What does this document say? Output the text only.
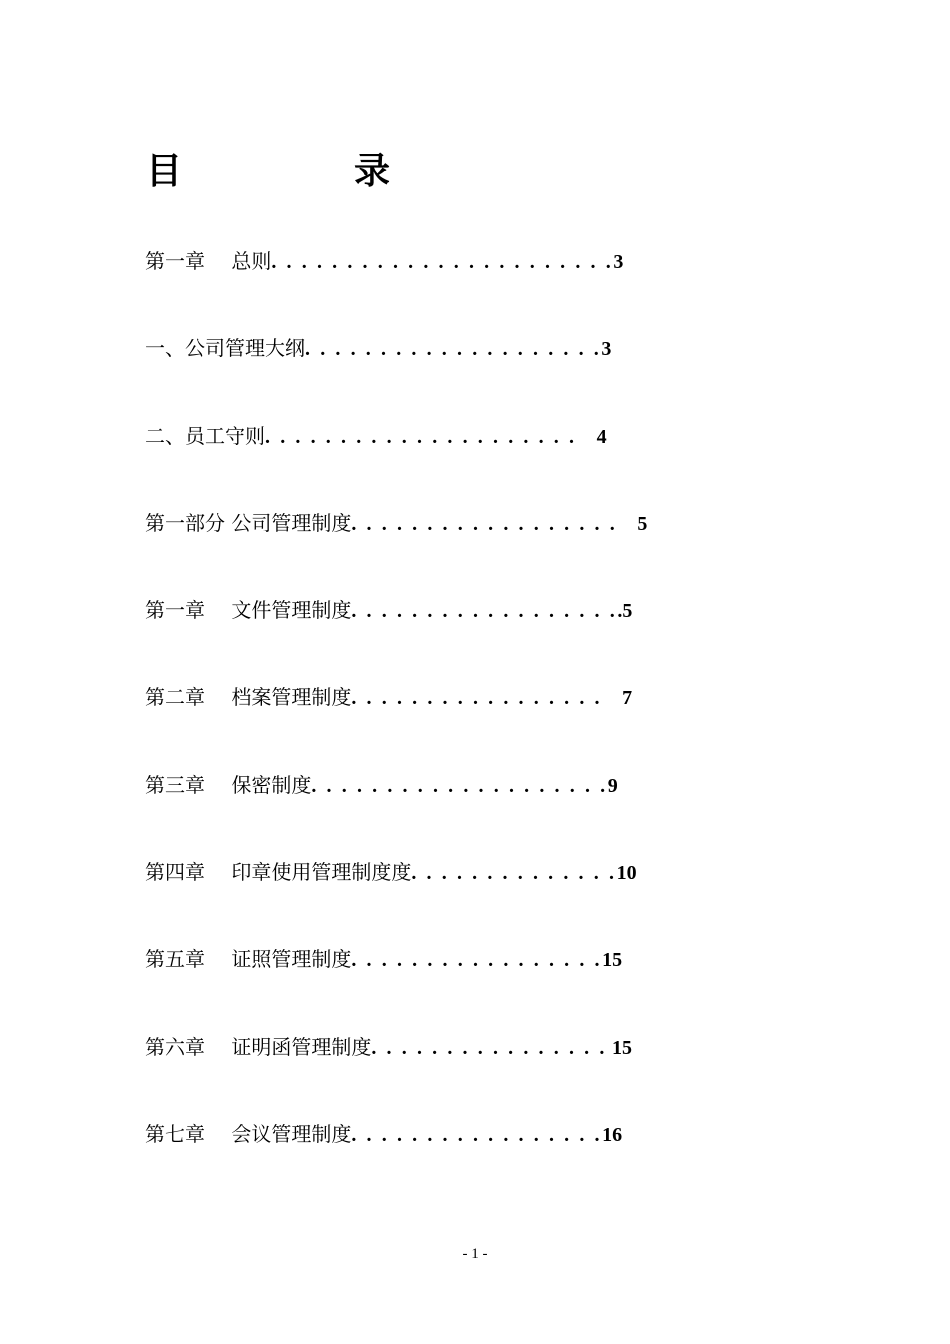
目	录
第一章　 总则. . . . . . . . . . . . . . . . . . . . . . .3
一、公司管理大纲. . . . . . . . . . . . . . . . . . . .3
二、员工守则. . . . . . . . . . . . . . . . . . . . .    4
第一部分 公司管理制度. . . . . . . . . . . . . . . . . .    5
第一章　 文件管理制度. . . . . . . . . . . . . . . . . ..5
第二章　 档案管理制度. . . . . . . . . . . . . . . . .    7
第三章　 保密制度. . . . . . . . . . . . . . . . . . . .9
第四章　 印章使用管理制度度. . . . . . . . . . . . . .10
第五章　 证照管理制度. . . . . . . . . . . . . . . . .15
第六章　 证明函管理制度. . . . . . . . . . . . . . . . 15
第七章　 会议管理制度. . . . . . . . . . . . . . . . .16
- 1 -
